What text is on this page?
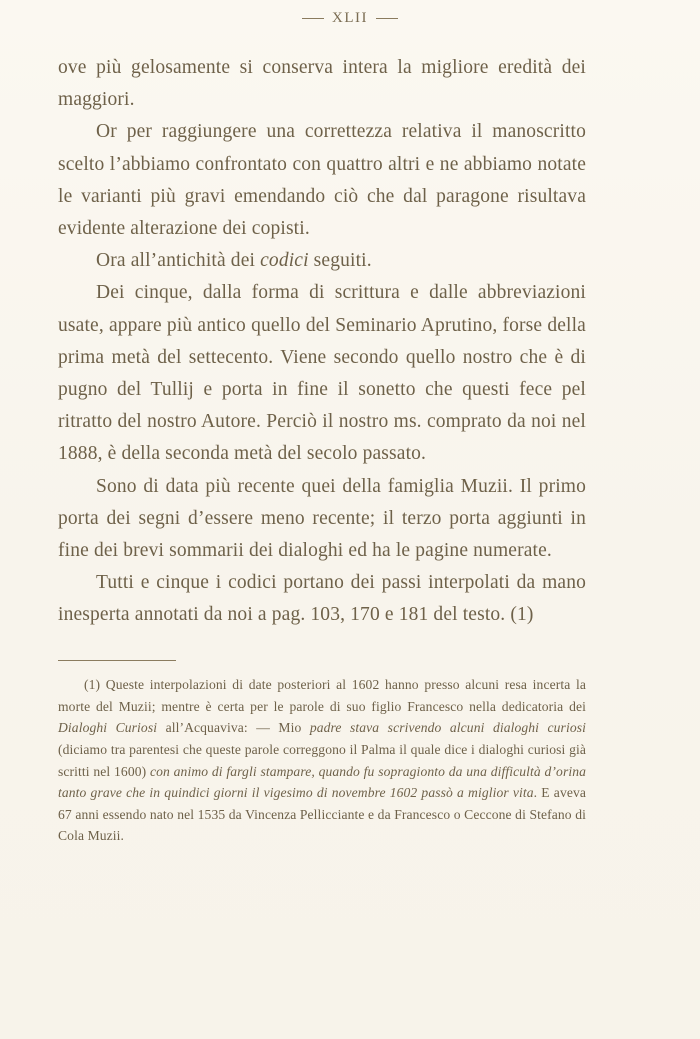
XLII

ove più gelosamente si conserva intera la migliore eredità dei maggiori.

Or per raggiungere una correttezza relativa il manoscritto scelto l’abbiamo confrontato con quattro altri e ne abbiamo notate le varianti più gravi emendando ciò che dal paragone risultava evidente alterazione dei copisti.

Ora all’antichità dei codici seguiti.

Dei cinque, dalla forma di scrittura e dalle abbreviazioni usate, appare più antico quello del Seminario Aprutino, forse della prima metà del settecento. Viene secondo quello nostro che è di pugno del Tullij e porta in fine il sonetto che questi fece pel ritratto del nostro Autore. Perciò il nostro ms. comprato da noi nel 1888, è della seconda metà del secolo passato.

Sono di data più recente quei della famiglia Muzii. Il primo porta dei segni d’essere meno recente; il terzo porta aggiunti in fine dei brevi sommarii dei dialoghi ed ha le pagine numerate.

Tutti e cinque i codici portano dei passi interpolati da mano inesperta annotati da noi a pag. 103, 170 e 181 del testo. (1)

(1) Queste interpolazioni di date posteriori al 1602 hanno presso alcuni resa incerta la morte del Muzii; mentre è certa per le parole di suo figlio Francesco nella dedicatoria dei Dialoghi Curiosi all’Acquaviva: — Mio padre stava scrivendo alcuni dialoghi curiosi (diciamo tra parentesi che queste parole correggono il Palma il quale dice i dialoghi curiosi già scritti nel 1600) con animo di fargli stampare, quando fu sopragionto da una difficultà d’orina tanto grave che in quindici giorni il vigesimo di novembre 1602 passò a miglior vita. E aveva 67 anni essendo nato nel 1535 da Vincenza Pellicciante e da Francesco o Ceccone di Stefano di Cola Muzii.
